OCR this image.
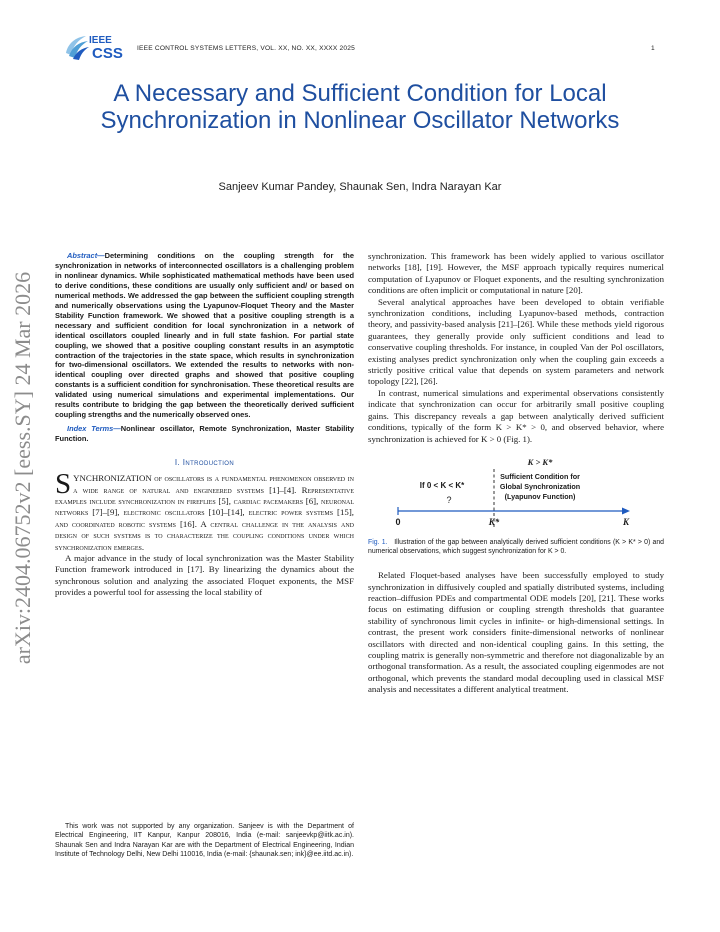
IEEE
CSS IEEE CONTROL SYSTEMS LETTERS, VOL. XX, NO. XX, XXXX 2025	1
A Necessary and Sufficient Condition for Local Synchronization in Nonlinear Oscillator Networks
Sanjeev Kumar Pandey, Shaunak Sen, Indra Narayan Kar
arXiv:2404.06752v2 [eess.SY] 24 Mar 2026

Abstract—Determining conditions on the coupling strength for the synchronization in networks of interconnected oscillators is a challenging problem in nonlinear dynamics. While sophisticated mathematical methods have been used to derive conditions, these conditions are usually only sufficient and/ or based on numerical methods. We addressed the gap between the sufficient coupling strength and numerically observations using the Lyapunov-Floquet Theory and the Master Stability Function framework. We showed that a positive coupling strength is a necessary and sufficient condition for local synchronization in a network of identical oscillators coupled linearly and in full state fashion. For partial state coupling, we showed that a positive coupling constant results in an asymptotic contraction of the trajectories in the state space, which results in synchronization for two-dimensional oscillators. We extended the results to networks with non-identical coupling over directed graphs and showed that positive coupling constants is a sufficient condition for synchronisation. These theoretical results are validated using numerical simulations and experimental implementations. Our results contribute to bridging the gap between the theoretically derived sufficient coupling strengths and the numerically observed ones.

Index Terms—Nonlinear oscillator, Remote Synchronization, Master Stability Function.

I. Introduction

SYNCHRONIZATION of oscillators is a fundamental phenomenon observed in a wide range of natural and engineered systems [1]–[4]. Representative examples include synchronization in fireflies [5], cardiac pacemakers [6], neuronal networks [7]–[9], electronic oscillators [10]–[14], electric power systems [15], and coordinated robotic systems [16]. A central challenge in the analysis and design of such systems is to characterize the coupling conditions under which synchronization emerges.

A major advance in the study of local synchronization was the Master Stability Function framework introduced in [17]. By linearizing the dynamics about the synchronous solution and analyzing the associated Floquet exponents, the MSF provides a powerful tool for assessing the local stability of

This work was not supported by any organization. Sanjeev is with the Department of Electrical Engineering, IIT Kanpur, Kanpur 208016, India (e-mail: sanjeevkp@iitk.ac.in). Shaunak Sen and Indra Narayan Kar are with the Department of Electrical Engineering, Indian Institute of Technology Delhi, New Delhi 110016, India (e-mail: {shaunak.sen; ink}@ee.iitd.ac.in).

synchronization. This framework has been widely applied to various oscillator networks [18], [19]. However, the MSF approach typically requires numerical computation of Lyapunov or Floquet exponents, and the resulting synchronization conditions are often implicit or computational in nature [20].

Several analytical approaches have been developed to obtain verifiable synchronization conditions, including Lyapunov-based methods, contraction theory, and passivity-based analysis [21]–[26]. While these methods yield rigorous guarantees, they generally provide only sufficient conditions and lead to conservative coupling thresholds. For instance, in coupled Van der Pol oscillators, existing analyses predict synchronization only when the coupling gain exceeds a strictly positive critical value that depends on system parameters and network topology [22], [26].

In contrast, numerical simulations and experimental observations consistently indicate that synchronization can occur for arbitrarily small positive coupling gains. This discrepancy reveals a gap between analytically derived sufficient conditions, typically of the form K > K* > 0, and observed behavior, where synchronization is achieved for K > 0 (Fig. 1).

K > K*
If 0 < K < K*
?
Sufficient Condition for
Global Synchronization
(Lyapunov Function)
0	K*	K

Fig. 1. Illustration of the gap between analytically derived sufficient conditions (K > K* > 0) and numerical observations, which suggest synchronization for K > 0.

Related Floquet-based analyses have been successfully employed to study synchronization in diffusively coupled and spatially distributed systems, including reaction–diffusion PDEs and compartmental ODE models [20], [21]. These works focus on estimating diffusion or coupling strength thresholds that guarantee stability of synchronous limit cycles in infinite- or high-dimensional settings. In contrast, the present work considers finite-dimensional networks of nonlinear oscillators with directed and non-identical coupling gains. In this setting, the coupling matrix is generally non-symmetric and therefore not diagonalizable by an orthogonal transformation. As a result, the associated coupling eigenmodes are not orthogonal, which prevents the standard modal decoupling used in classical MSF analysis and necessitates a different analytical treatment.
